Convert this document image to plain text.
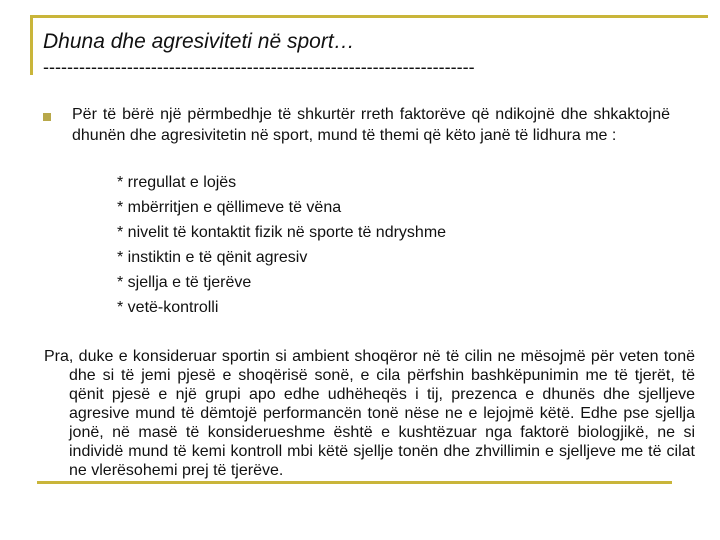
Dhuna dhe agresiviteti në sport…
------------------------------------------------------------------------

Për të bërë një përmbedhje të shkurtër rreth faktorëve që ndikojnë dhe shkaktojnë dhunën dhe agresivitetin në sport, mund të themi që këto janë të lidhura me :

* rregullat e lojës
* mbërritjen e qëllimeve të vëna
* nivelit të kontaktit fizik në sporte të ndryshme
* instiktin e të qënit agresiv
* sjellja e të tjerëve
* vetë-kontrolli

Pra, duke e konsideruar sportin si ambient shoqëror në të cilin ne mësojmë për veten tonë dhe si të jemi pjesë e shoqërisë sonë, e cila përfshin bashkëpunimin me të tjerët, të qënit pjesë e një grupi apo edhe udhëheqës i tij, prezenca e dhunës dhe sjelljeve agresive mund të dëmtojë performancën tonë nëse ne e lejojmë këtë. Edhe pse sjellja jonë, në masë të konsiderueshme është e kushtëzuar nga faktorë biologjikë, ne si individë mund të kemi kontroll mbi këtë sjellje tonën dhe zhvillimin e sjelljeve me të cilat ne vlerësohemi prej të tjerëve.
